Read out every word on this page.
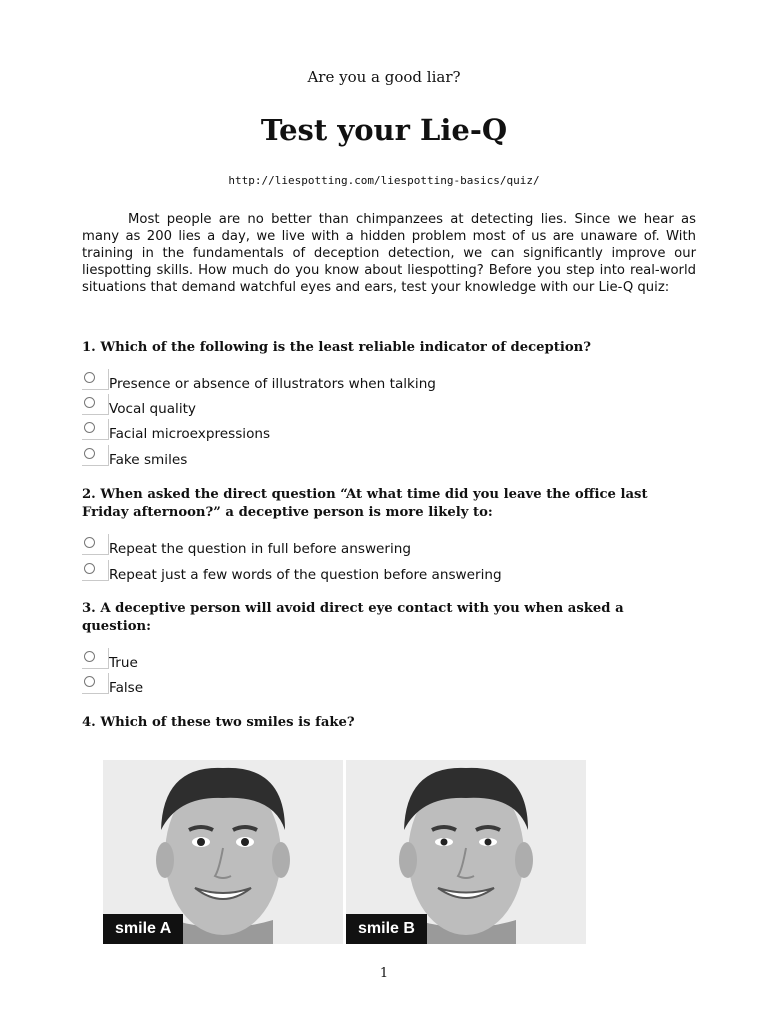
Are you a good liar?
Test your Lie-Q
http://liespotting.com/liespotting-basics/quiz/
Most people are no better than chimpanzees at detecting lies. Since we hear as many as 200 lies a day, we live with a hidden problem most of us are unaware of. With training in the fundamentals of deception detection, we can significantly improve our liespotting skills. How much do you know about liespotting? Before you step into real-world situations that demand watchful eyes and ears, test your knowledge with our Lie-Q quiz:
1. Which of the following is the least reliable indicator of deception?
Presence or absence of illustrators when talking
Vocal quality
Facial microexpressions
Fake smiles
2. When asked the direct question “At what time did you leave the office last Friday afternoon?” a deceptive person is more likely to:
Repeat the question in full before answering
Repeat just a few words of the question before answering
3. A deceptive person will avoid direct eye contact with you when asked a question:
True
False
4. Which of these two smiles is fake?
smile A	smile B
1
